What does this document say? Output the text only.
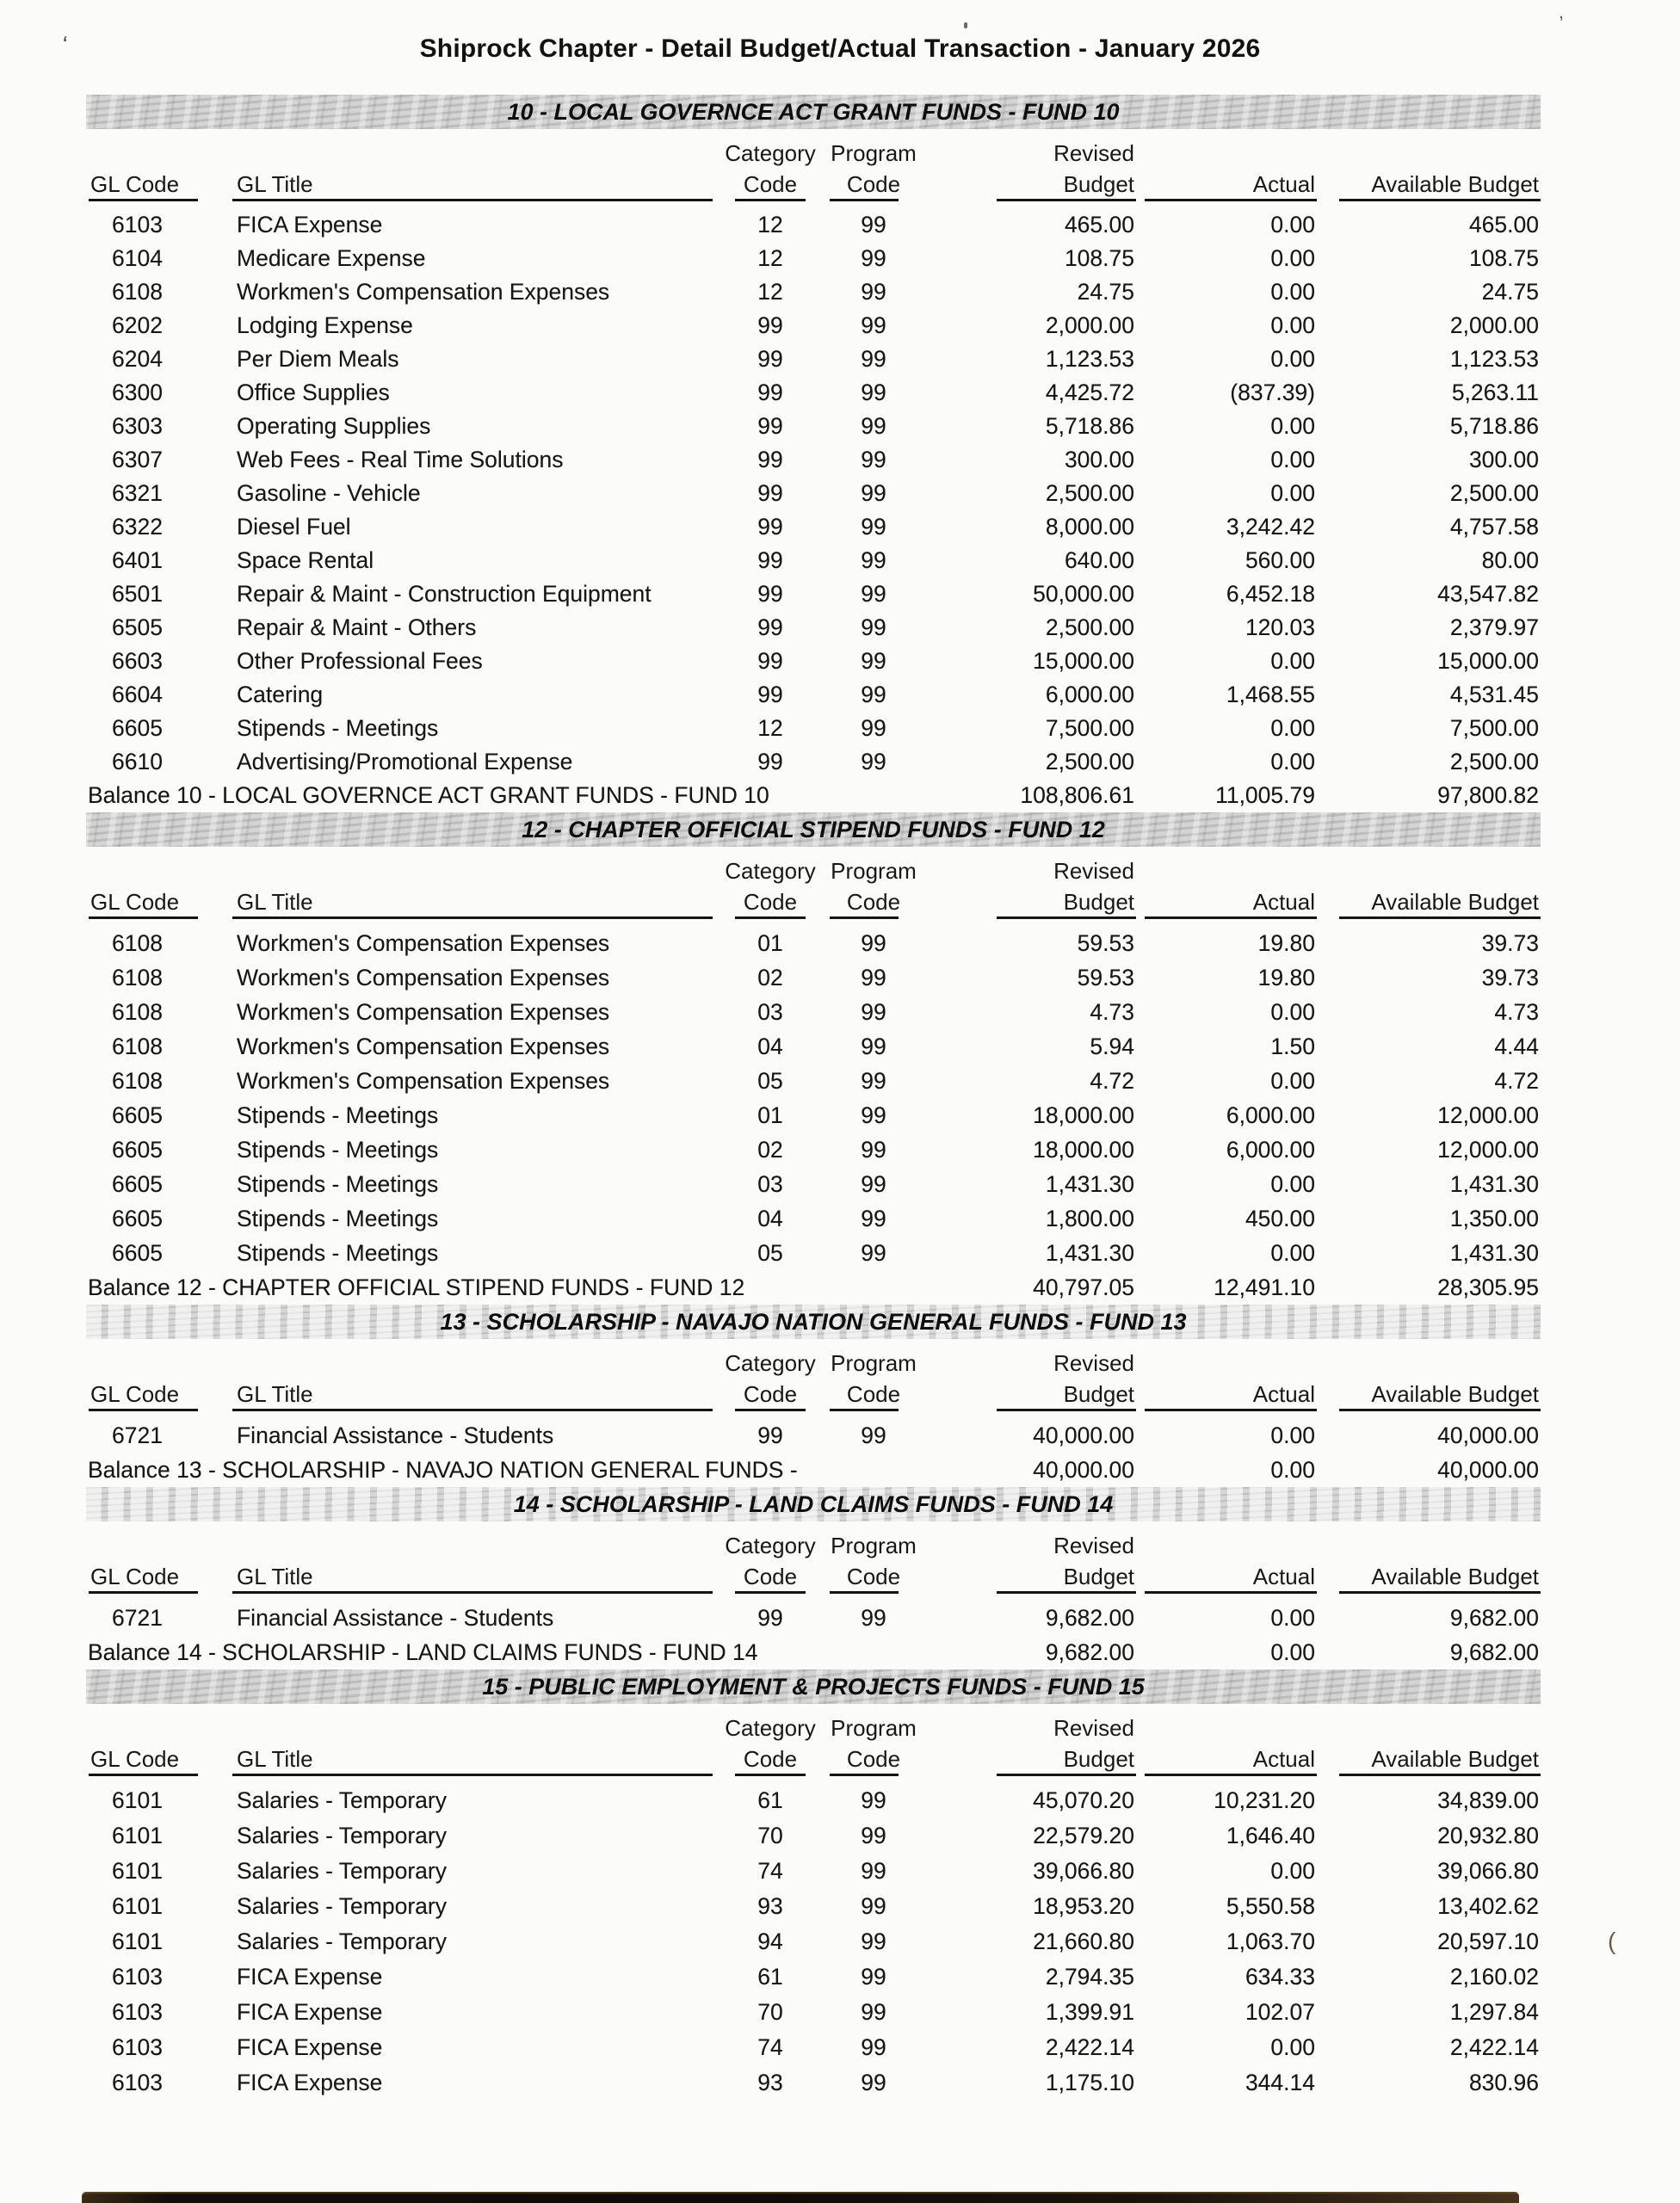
‘
’
(
Shiprock Chapter - Detail Budget/Actual Transaction - January 2026
10 - LOCAL GOVERNCE ACT GRANT FUNDS - FUND 10
		Category	Program	Revised		
GL Code	GL Title	Code	Code	Budget	Actual	Available Budget
6103	FICA Expense	12	99	465.00	0.00	465.00
6104	Medicare Expense	12	99	108.75	0.00	108.75
6108	Workmen's Compensation Expenses	12	99	24.75	0.00	24.75
6202	Lodging Expense	99	99	2,000.00	0.00	2,000.00
6204	Per Diem Meals	99	99	1,123.53	0.00	1,123.53
6300	Office Supplies	99	99	4,425.72	(837.39)	5,263.11
6303	Operating Supplies	99	99	5,718.86	0.00	5,718.86
6307	Web Fees - Real Time Solutions	99	99	300.00	0.00	300.00
6321	Gasoline - Vehicle	99	99	2,500.00	0.00	2,500.00
6322	Diesel Fuel	99	99	8,000.00	3,242.42	4,757.58
6401	Space Rental	99	99	640.00	560.00	80.00
6501	Repair & Maint - Construction Equipment	99	99	50,000.00	6,452.18	43,547.82
6505	Repair & Maint - Others	99	99	2,500.00	120.03	2,379.97
6603	Other Professional Fees	99	99	15,000.00	0.00	15,000.00
6604	Catering	99	99	6,000.00	1,468.55	4,531.45
6605	Stipends - Meetings	12	99	7,500.00	0.00	7,500.00
6610	Advertising/Promotional Expense	99	99	2,500.00	0.00	2,500.00
Balance 10 - LOCAL GOVERNCE ACT GRANT FUNDS - FUND 10				108,806.61	11,005.79	97,800.82
12 - CHAPTER OFFICIAL STIPEND FUNDS - FUND 12
		Category	Program	Revised		
GL Code	GL Title	Code	Code	Budget	Actual	Available Budget
6108	Workmen's Compensation Expenses	01	99	59.53	19.80	39.73
6108	Workmen's Compensation Expenses	02	99	59.53	19.80	39.73
6108	Workmen's Compensation Expenses	03	99	4.73	0.00	4.73
6108	Workmen's Compensation Expenses	04	99	5.94	1.50	4.44
6108	Workmen's Compensation Expenses	05	99	4.72	0.00	4.72
6605	Stipends - Meetings	01	99	18,000.00	6,000.00	12,000.00
6605	Stipends - Meetings	02	99	18,000.00	6,000.00	12,000.00
6605	Stipends - Meetings	03	99	1,431.30	0.00	1,431.30
6605	Stipends - Meetings	04	99	1,800.00	450.00	1,350.00
6605	Stipends - Meetings	05	99	1,431.30	0.00	1,431.30
Balance 12 - CHAPTER OFFICIAL STIPEND FUNDS - FUND 12				40,797.05	12,491.10	28,305.95
13 - SCHOLARSHIP - NAVAJO NATION GENERAL FUNDS - FUND 13
		Category	Program	Revised		
GL Code	GL Title	Code	Code	Budget	Actual	Available Budget
6721	Financial Assistance - Students	99	99	40,000.00	0.00	40,000.00
Balance 13 - SCHOLARSHIP - NAVAJO NATION GENERAL FUNDS -				40,000.00	0.00	40,000.00
14 - SCHOLARSHIP - LAND CLAIMS FUNDS - FUND 14
		Category	Program	Revised		
GL Code	GL Title	Code	Code	Budget	Actual	Available Budget
6721	Financial Assistance - Students	99	99	9,682.00	0.00	9,682.00
Balance 14 - SCHOLARSHIP - LAND CLAIMS FUNDS - FUND 14				9,682.00	0.00	9,682.00
15 - PUBLIC EMPLOYMENT & PROJECTS FUNDS - FUND 15
		Category	Program	Revised		
GL Code	GL Title	Code	Code	Budget	Actual	Available Budget
6101	Salaries - Temporary	61	99	45,070.20	10,231.20	34,839.00
6101	Salaries - Temporary	70	99	22,579.20	1,646.40	20,932.80
6101	Salaries - Temporary	74	99	39,066.80	0.00	39,066.80
6101	Salaries - Temporary	93	99	18,953.20	5,550.58	13,402.62
6101	Salaries - Temporary	94	99	21,660.80	1,063.70	20,597.10
6103	FICA Expense	61	99	2,794.35	634.33	2,160.02
6103	FICA Expense	70	99	1,399.91	102.07	1,297.84
6103	FICA Expense	74	99	2,422.14	0.00	2,422.14
6103	FICA Expense	93	99	1,175.10	344.14	830.96
